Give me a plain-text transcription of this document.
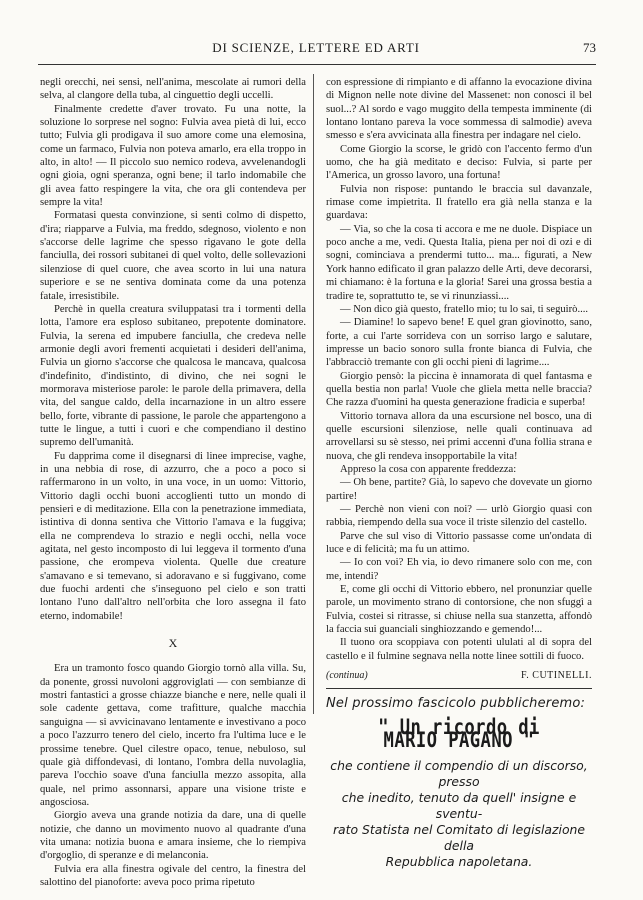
DI SCIENZE, LETTERE ED ARTI	73

negli orecchi, nei sensi, nell'anima, mescolate ai rumori della selva, al clangore della tuba, al cinguettio degli uccelli.

Finalmente credette d'aver trovato. Fu una notte, la soluzione lo sorprese nel sogno: Fulvia avea pietà di lui, ecco tutto; Fulvia gli prodigava il suo amore come una elemosina, come un farmaco, Fulvia non poteva amarlo, era ella troppo in alto, in alto! — Il piccolo suo nemico rodeva, avvelenandogli ogni gioia, ogni speranza, ogni bene; il tarlo indomabile che gli avea fatto respingere la vita, che ora gli contendeva per sempre la vita!

Formatasi questa convinzione, si sentì colmo di dispetto, d'ira; riapparve a Fulvia, ma freddo, sdegnoso, violento e non s'accorse delle lagrime che spesso rigavano le gote della fanciulla, dei rossori subitanei di quel volto, delle sollevazioni silenziose di quel cuore, che avea scorto in lui una natura superiore e se ne sentiva dominata come da una potenza fatale, irresistibile.

Perchè in quella creatura sviluppatasi tra i tormenti della lotta, l'amore era esploso subitaneo, prepotente dominatore. Fulvia, la serena ed impubere fanciulla, che credeva nelle armonie degli avori frementi acquietati i desideri dell'anima, Fulvia un giorno s'accorse che qualcosa le mancava, qualcosa d'indefinito, d'indistinto, di divino, che nei sogni le mormorava misteriose parole: le parole della primavera, della vita, del sangue caldo, della incarnazione in un altro essere bello, forte, vibrante di passione, le parole che appartengono a tutte le lingue, a tutti i cuori e che compendiano il destino supremo dell'umanità.

Fu dapprima come il disegnarsi di linee imprecise, vaghe, in una nebbia di rose, di azzurro, che a poco a poco si raffermarono in un volto, in una voce, in un uomo: Vittorio, Vittorio dagli occhi buoni accoglienti tutto un mondo di pensieri e di meditazione. Ella con la penetrazione immediata, istintiva di donna sentiva che Vittorio l'amava e la fuggiva; ella ne comprendeva lo strazio e negli occhi, nella voce agitata, nel gesto incomposto di lui leggeva il tormento d'una passione, che erompeva violenta. Quelle due creature s'amavano e si temevano, si adoravano e si fuggivano, come due fuochi ardenti che s'inseguono pel cielo e son tratti lontano l'uno dall'altro nell'orbita che loro assegna il fato eterno, indomabile!

X

Era un tramonto fosco quando Giorgio tornò alla villa. Su, da ponente, grossi nuvoloni aggroviglati — con sembianze di mostri fantastici a grosse chiazze bianche e nere, nelle quali il sole cadente gettava, come trafitture, qualche macchia sanguigna — si avvicinavano lentamente e investivano a poco a poco l'azzurro tenero del cielo, incerto fra l'ultima luce e le prossime tenebre. Quel cilestre opaco, tenue, nebuloso, sul quale già diffondevasi, di lontano, l'ombra della nuvolaglia, pareva l'occhio soave d'una fanciulla mezzo assopita, alla quale, nel primo assonnarsi, appare una visione triste e angosciosa.

Giorgio aveva una grande notizia da dare, una di quelle notizie, che danno un movimento nuovo al quadrante d'una vita umana: notizia buona e amara insieme, che lo riempiva d'orgoglio, di speranze e di melanconia.

Fulvia era alla finestra ogivale del centro, la finestra del salottino del pianoforte: aveva poco prima ripetuto

con espressione di rimpianto e di affanno la evocazione divina di Mignon nelle note divine del Massenet: non conosci il bel suol...? Al sordo e vago muggito della tempesta imminente (di lontano lontano pareva la voce sommessa di salmodie) aveva smesso e s'era avvicinata alla finestra per indagare nel cielo.

Come Giorgio la scorse, le gridò con l'accento fermo d'un uomo, che ha già meditato e deciso: Fulvia, si parte per l'America, un grosso lavoro, una fortuna!

Fulvia non rispose: puntando le braccia sul davanzale, rimase come impietrita. Il fratello era già nella stanza e la guardava:

— Via, so che la cosa ti accora e me ne duole. Dispiace un poco anche a me, vedi. Questa Italia, piena per noi di ozi e di sogni, cominciava a prendermi tutto... ma... figurati, a New York hanno edificato il gran palazzo delle Arti, deve decorarsi, mi chiamano: è la fortuna e la gloria! Sarei una grossa bestia a tradire te, soprattutto te, se vi rinunziassi....

— Non dico già questo, fratello mio; tu lo sai, ti seguirò....

— Diamine! lo sapevo bene! E quel gran giovinotto, sano, forte, a cui l'arte sorrideva con un sorriso largo e salutare, impresse un bacio sonoro sulla fronte bianca di Fulvia, che l'abbracciò tremante con gli occhi pieni di lagrime....

Giorgio pensò: la piccina è innamorata di quel fantasma e quella bestia non parla! Vuole che gliela metta nelle braccia? Che razza d'uomini ha questa generazione fradicia e superba!

Vittorio tornava allora da una escursione nel bosco, una di quelle escursioni silenziose, nelle quali continuava ad arrovellarsi su sè stesso, nei primi accenni d'una follia strana e nuova, che gli rendeva insopportabile la vita!

Appreso la cosa con apparente freddezza:

— Oh bene, partite? Già, lo sapevo che dovevate un giorno partire!

— Perchè non vieni con noi? — urlò Giorgio quasi con rabbia, riempendo della sua voce il triste silenzio del castello.

Parve che sul viso di Vittorio passasse come un'ondata di luce e di felicità; ma fu un attimo.

— Io con voi? Eh via, io devo rimanere solo con me, con me, intendi?

E, come gli occhi di Vittorio ebbero, nel pronunziar quelle parole, un movimento strano di contorsione, che non sfuggì a Fulvia, costei si ritrasse, si chiuse nella sua stanzetta, affondò la faccia sui guanciali singhiozzando e gemendo!...

Il tuono ora scoppiava con potenti ululati al di sopra del castello e il fulmine segnava nella notte linee sottili di fuoco.

(continua)	F. CUTINELLI.
Nel prossimo fascicolo pubblicheremo:
" Un ricordo di MARIO PAGANO "
che contiene il compendio di un discorso, presso
che inedito, tenuto da quell' insigne e sventu-
rato Statista nel Comitato di legislazione della
Repubblica napoletana.
